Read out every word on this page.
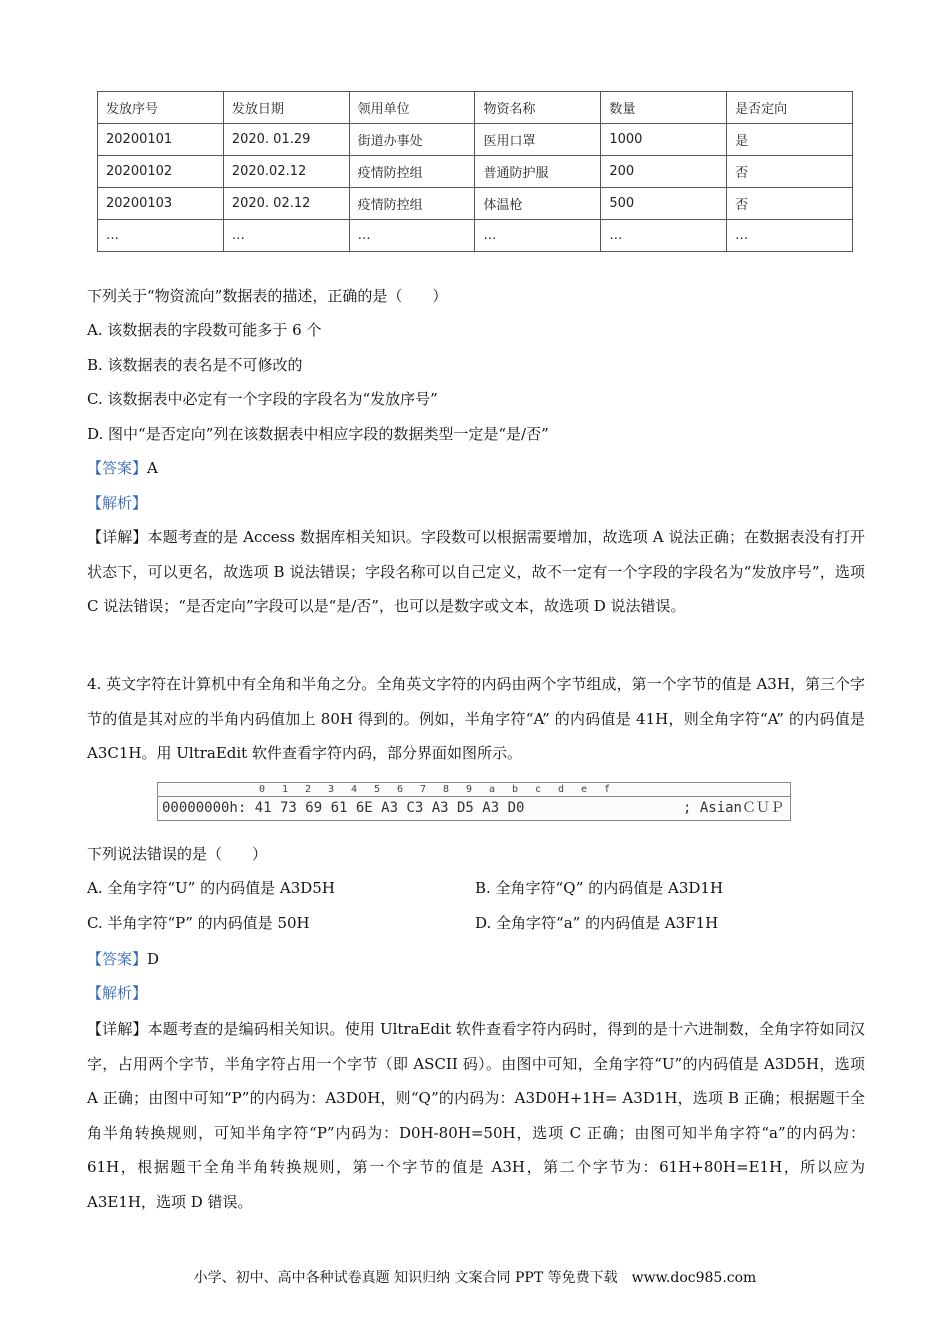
发放序号	发放日期	领用单位	物资名称	数量	是否定向
20200101	2020. 01.29	街道办事处	医用口罩	1000	是
20200102	2020.02.12	疫情防控组	普通防护服	200	否
20200103	2020. 02.12	疫情防控组	体温枪	500	否
…	…	…	…	…	…
下列关于“物资流向”数据表的描述，正确的是（　　）
A. 该数据表的字段数可能多于 6 个
B. 该数据表的表名是不可修改的
C. 该数据表中必定有一个字段的字段名为“发放序号”
D. 图中“是否定向”列在该数据表中相应字段的数据类型一定是“是/否”
【答案】A
【解析】
【详解】本题考查的是 Access 数据库相关知识。字段数可以根据需要增加，故选项 A 说法正确；在数据表没有打开状态下，可以更名，故选项 B 说法错误；字段名称可以自己定义，故不一定有一个字段的字段名为“发放序号”，选项 C 说法错误；“是否定向”字段可以是“是/否”，也可以是数字或文本，故选项 D 说法错误。
4. 英文字符在计算机中有全角和半角之分。全角英文字符的内码由两个字节组成，第一个字节的值是 A3H，第三个字节的值是其对应的半角内码值加上 80H 得到的。例如，半角字符“A” 的内码值是 41H，则全角字符“A” 的内码值是 A3C1H。用 UltraEdit 软件查看字符内码，部分界面如图所示。
0 1 2 3 4 5 6 7 8 9 a b c d e f
00000000h: 41 73 69 61 6E A3 C3 A3 D5 A3 D0	; AsianＣＵＰ
下列说法错误的是（　　）
A. 全角字符“U” 的内码值是 A3D5H	B. 全角字符“Q” 的内码值是 A3D1H
C. 半角字符“P” 的内码值是 50H	D. 全角字符“a” 的内码值是 A3F1H
【答案】D
【解析】
【详解】本题考查的是编码相关知识。使用 UltraEdit 软件查看字符内码时，得到的是十六进制数，全角字符如同汉字，占用两个字节，半角字符占用一个字节（即 ASCII 码）。由图中可知，全角字符“U”的内码值是 A3D5H，选项 A 正确；由图中可知“P”的内码为：A3D0H，则“Q”的内码为：A3D0H+1H= A3D1H，选项 B 正确；根据题干全角半角转换规则，可知半角字符“P”内码为：D0H-80H=50H，选项 C 正确；由图可知半角字符“a”的内码为：61H，根据题干全角半角转换规则，第一个字节的值是 A3H，第二个字节为：61H+80H=E1H，所以应为 A3E1H，选项 D 错误。
小学、初中、高中各种试卷真题 知识归纳 文案合同 PPT 等免费下载　www.doc985.com
